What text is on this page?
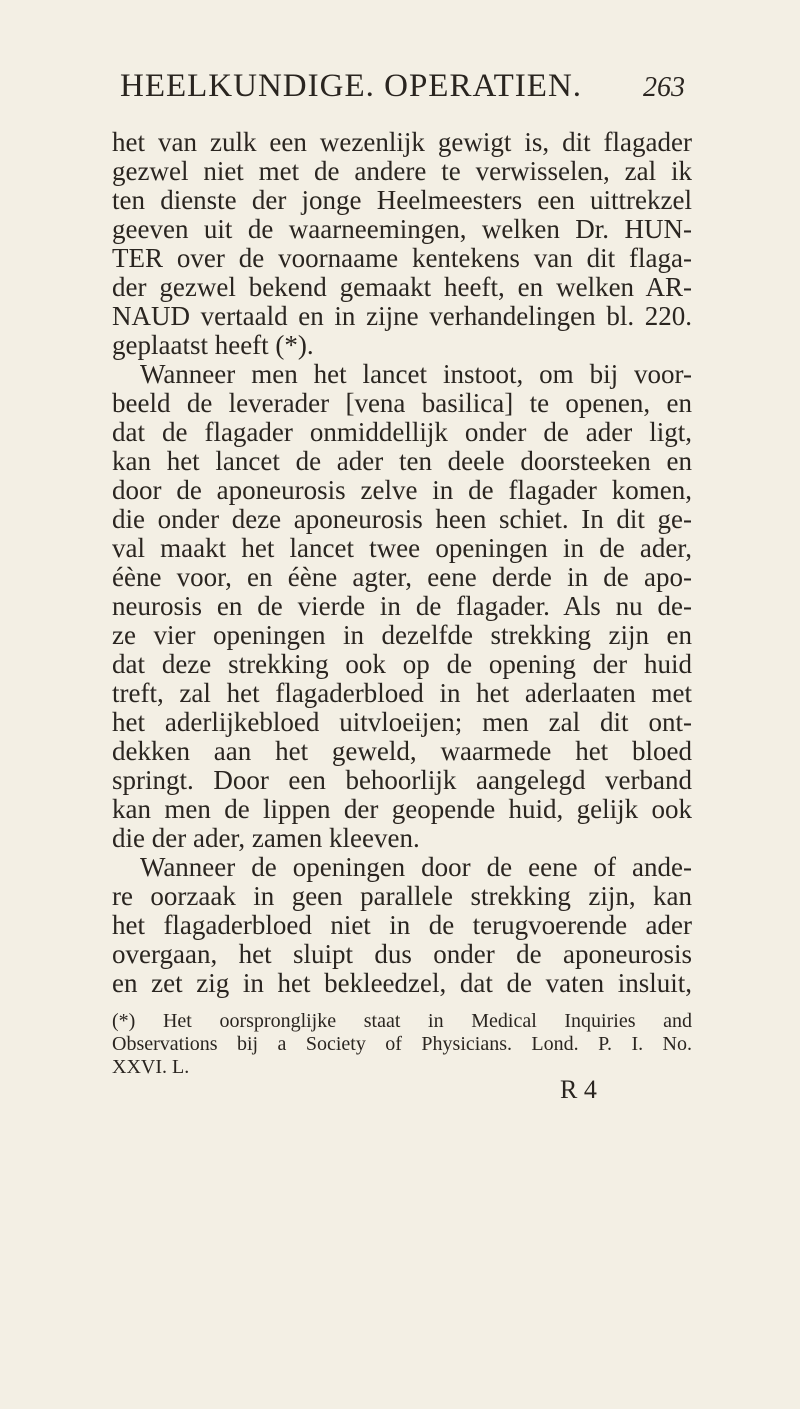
HEELKUNDIGE. OPERATIEN. 263
het van zulk een wezenlijk gewigt is, dit flagader
gezwel niet met de andere te verwisselen, zal ik
ten dienste der jonge Heelmeesters een uittrekzel
geeven uit de waarneemingen, welken Dr. HUN-
TER over de voornaame kentekens van dit flaga-
der gezwel bekend gemaakt heeft, en welken AR-
NAUD vertaald en in zijne verhandelingen bl. 220.
geplaatst heeft (*).
Wanneer men het lancet instoot, om bij voor-
beeld de leverader [vena basilica] te openen, en
dat de flagader onmiddellijk onder de ader ligt,
kan het lancet de ader ten deele doorsteeken en
door de aponeurosis zelve in de flagader komen,
die onder deze aponeurosis heen schiet. In dit ge-
val maakt het lancet twee openingen in de ader,
éène voor, en éène agter, eene derde in de apo-
neurosis en de vierde in de flagader. Als nu de-
ze vier openingen in dezelfde strekking zijn en
dat deze strekking ook op de opening der huid
treft, zal het flagaderbloed in het aderlaaten met
het aderlijkebloed uitvloeijen; men zal dit ont-
dekken aan het geweld, waarmede het bloed
springt. Door een behoorlijk aangelegd verband
kan men de lippen der geopende huid, gelijk ook
die der ader, zamen kleeven.
Wanneer de openingen door de eene of ande-
re oorzaak in geen parallele strekking zijn, kan
het flagaderbloed niet in de terugvoerende ader
overgaan, het sluipt dus onder de aponeurosis
en zet zig in het bekleedzel, dat de vaten insluit,
(*) Het oorspronglijke staat in Medical Inquiries and
Observations bij a Society of Physicians. Lond. P. I. No.
XXVI. L.
R 4
